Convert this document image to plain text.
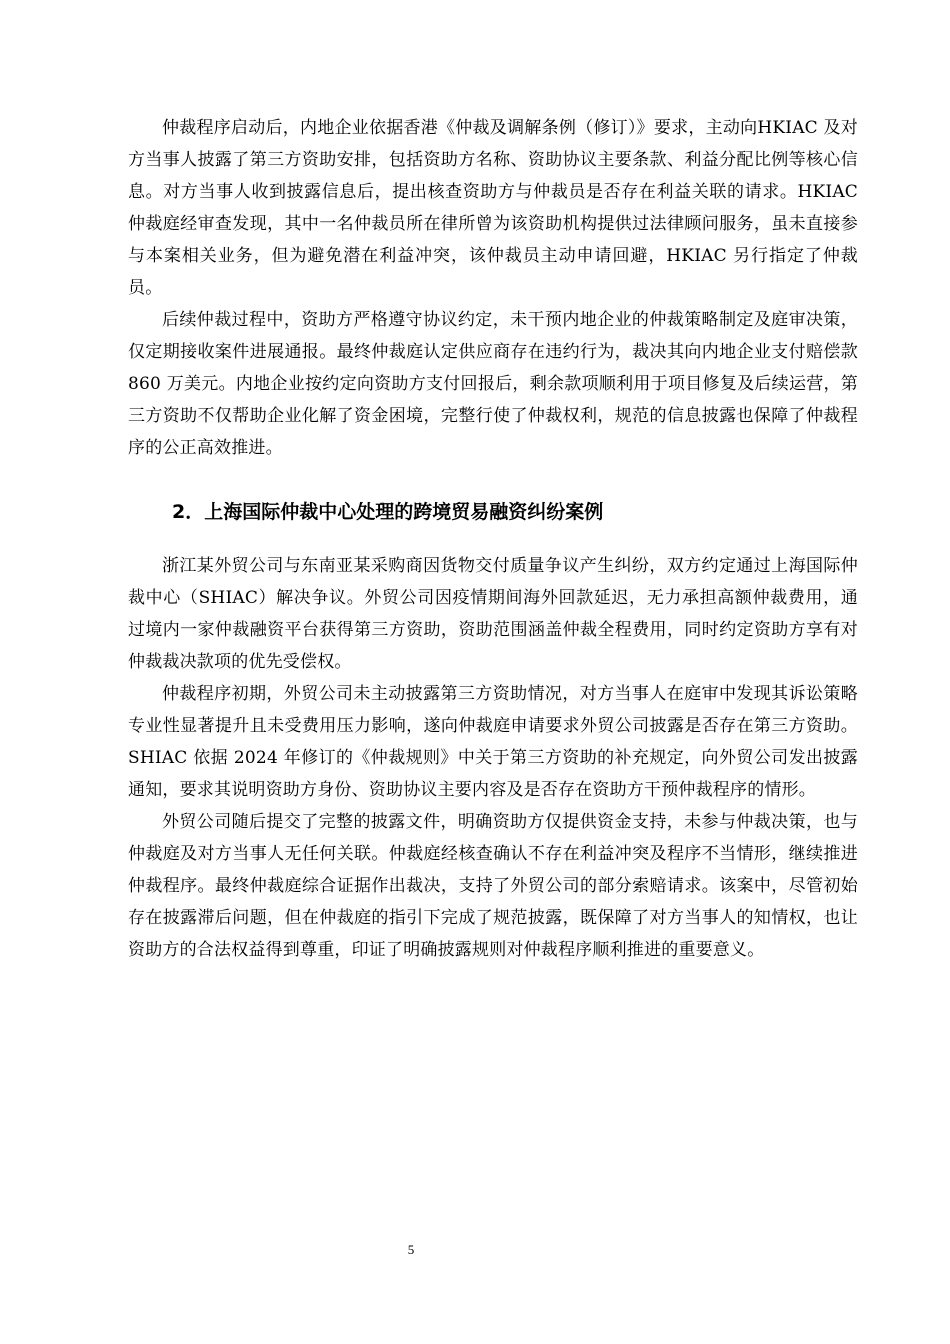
仲裁程序启动后，内地企业依据香港《仲裁及调解条例（修订）》要求，主动向HKIAC 及对方当事人披露了第三方资助安排，包括资助方名称、资助协议主要条款、利益分配比例等核心信息。对方当事人收到披露信息后，提出核查资助方与仲裁员是否存在利益关联的请求。HKIAC 仲裁庭经审查发现，其中一名仲裁员所在律所曾为该资助机构提供过法律顾问服务，虽未直接参与本案相关业务，但为避免潜在利益冲突，该仲裁员主动申请回避，HKIAC 另行指定了仲裁员。

后续仲裁过程中，资助方严格遵守协议约定，未干预内地企业的仲裁策略制定及庭审决策，仅定期接收案件进展通报。最终仲裁庭认定供应商存在违约行为，裁决其向内地企业支付赔偿款 860 万美元。内地企业按约定向资助方支付回报后，剩余款项顺利用于项目修复及后续运营，第三方资助不仅帮助企业化解了资金困境，完整行使了仲裁权利，规范的信息披露也保障了仲裁程序的公正高效推进。

2．上海国际仲裁中心处理的跨境贸易融资纠纷案例

浙江某外贸公司与东南亚某采购商因货物交付质量争议产生纠纷，双方约定通过上海国际仲裁中心（SHIAC）解决争议。外贸公司因疫情期间海外回款延迟，无力承担高额仲裁费用，通过境内一家仲裁融资平台获得第三方资助，资助范围涵盖仲裁全程费用，同时约定资助方享有对仲裁裁决款项的优先受偿权。

仲裁程序初期，外贸公司未主动披露第三方资助情况，对方当事人在庭审中发现其诉讼策略专业性显著提升且未受费用压力影响，遂向仲裁庭申请要求外贸公司披露是否存在第三方资助。SHIAC 依据 2024 年修订的《仲裁规则》中关于第三方资助的补充规定，向外贸公司发出披露通知，要求其说明资助方身份、资助协议主要内容及是否存在资助方干预仲裁程序的情形。

外贸公司随后提交了完整的披露文件，明确资助方仅提供资金支持，未参与仲裁决策，也与仲裁庭及对方当事人无任何关联。仲裁庭经核查确认不存在利益冲突及程序不当情形，继续推进仲裁程序。最终仲裁庭综合证据作出裁决，支持了外贸公司的部分索赔请求。该案中，尽管初始存在披露滞后问题，但在仲裁庭的指引下完成了规范披露，既保障了对方当事人的知情权，也让资助方的合法权益得到尊重，印证了明确披露规则对仲裁程序顺利推进的重要意义。

5
